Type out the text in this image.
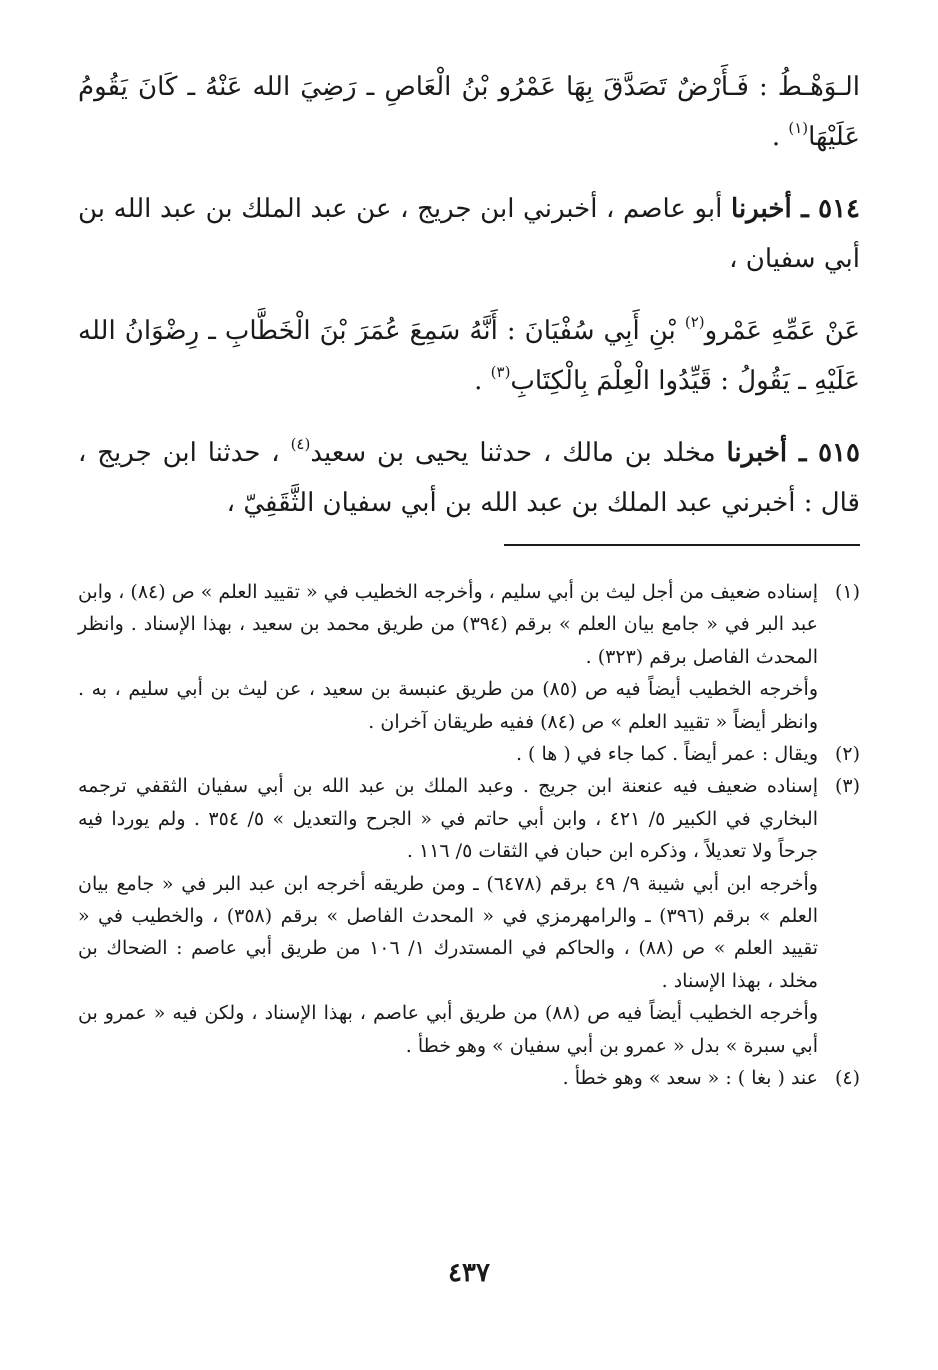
الـوَهْـطُ : فَـأَرْضٌ تَصَدَّقَ بِهَا عَمْرُو بْنُ الْعَاصِ ـ رَضِيَ الله عَنْهُ ـ كَانَ يَقُومُ عَلَيْهَا$^{(١)}$ .

٥١٤ ـ أخبرنا أبو عاصم ، أخبرني ابن جريج ، عن عبد الملك بن عبد الله بن أبي سفيان ،

عَنْ عَمِّهِ عَمْرو$^{(٢)}$ بْنِ أَبِي سُفْيَانَ : أَنَّهُ سَمِعَ عُمَرَ بْنَ الْخَطَّابِ ـ رِضْوَانُ الله عَلَيْهِ ـ يَقُولُ : قَيِّدُوا الْعِلْمَ بِالْكِتَابِ$^{(٣)}$ .

٥١٥ ـ أخبرنا مخلد بن مالك ، حدثنا يحيى بن سعيد$^{(٤)}$ ، حدثنا ابن جريج ، قال : أخبرني عبد الملك بن عبد الله بن أبي سفيان الثَّقَفِيّ ،

(١)

إسناده ضعيف من أجل ليث بن أبي سليم ، وأخرجه الخطيب في « تقييد العلم » ص (٨٤) ، وابن عبد البر في « جامع بيان العلم » برقم (٣٩٤) من طريق محمد بن سعيد ، بهذا الإسناد . وانظر المحدث الفاصل برقم (٣٢٣) .

وأخرجه الخطيب أيضاً فيه ص (٨٥) من طريق عنبسة بن سعيد ، عن ليث بن أبي سليم ، به . وانظر أيضاً « تقييد العلم » ص (٨٤) ففيه طريقان آخران .

(٢)

ويقال : عمر أيضاً . كما جاء في ( ها ) .

(٣)

إسناده ضعيف فيه عنعنة ابن جريج . وعبد الملك بن عبد الله بن أبي سفيان الثقفي ترجمه البخاري في الكبير ٥/ ٤٢١ ، وابن أبي حاتم في « الجرح والتعديل » ٥/ ٣٥٤ . ولم يوردا فيه جرحاً ولا تعديلاً ، وذكره ابن حبان في الثقات ٥/ ١١٦ .

وأخرجه ابن أبي شيبة ٩/ ٤٩ برقم (٦٤٧٨) ـ ومن طريقه أخرجه ابن عبد البر في « جامع بيان العلم » برقم (٣٩٦) ـ والرامهرمزي في « المحدث الفاصل » برقم (٣٥٨) ، والخطيب في « تقييد العلم » ص (٨٨) ، والحاكم في المستدرك ١/ ١٠٦ من طريق أبي عاصم : الضحاك بن مخلد ، بهذا الإسناد .

وأخرجه الخطيب أيضاً فيه ص (٨٨) من طريق أبي عاصم ، بهذا الإسناد ، ولكن فيه « عمرو بن أبي سبرة » بدل « عمرو بن أبي سفيان » وهو خطأ .

(٤)

عند ( بغا ) : « سعد » وهو خطأ .

٤٣٧
